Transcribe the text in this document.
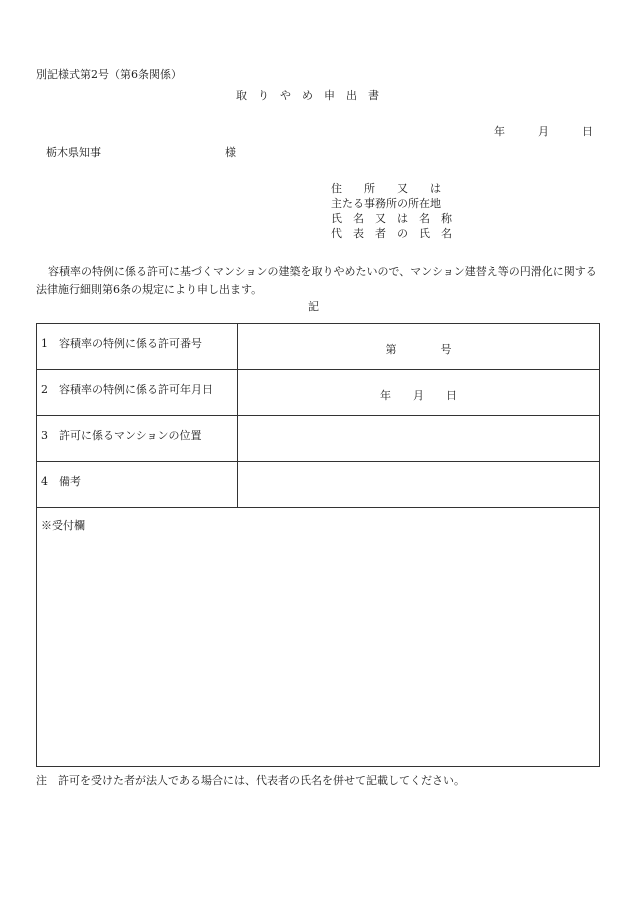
別記様式第2号（第6条関係）
取　り　や　め　申　出　書
年	月	日
栃木県知事	様
住　　所　　又　　は
主たる事務所の所在地
氏　名　又　は　名　称
代　表　者　の　氏　名
容積率の特例に係る許可に基づくマンションの建築を取りやめたいので、マンション建替え等の円滑化に関する法律施行細則第6条の規定により申し出ます。
記
1　容積率の特例に係る許可番号	第　　　　号

2　容積率の特例に係る許可年月日	年　　月　　日

3　許可に係るマンションの位置	

4　備考	

※受付欄	
注　許可を受けた者が法人である場合には、代表者の氏名を併せて記載してください。
